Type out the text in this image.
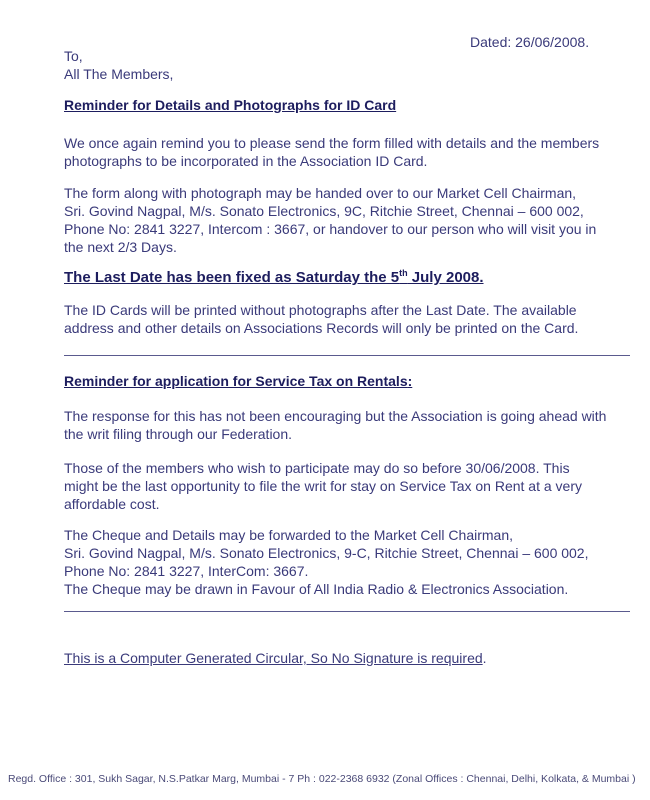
Dated: 26/06/2008.
To,
All The Members,
Reminder for Details and Photographs for ID Card
We once again remind you to please send the form filled with details and the members
photographs to be incorporated in the Association ID Card.
The form along with photograph may be handed over to our Market Cell Chairman,
Sri. Govind Nagpal, M/s. Sonato Electronics, 9C, Ritchie Street, Chennai – 600 002,
Phone No: 2841 3227, Intercom : 3667, or handover to our person who will visit you in
the next 2/3 Days.
The Last Date has been fixed as Saturday the 5th July 2008.
The ID Cards will be printed without photographs after the Last Date. The available
address and other details on Associations Records will only be printed on the Card.
Reminder for application for Service Tax on Rentals:
The response for this has not been encouraging but the Association is going ahead with
the writ filing through our Federation.
Those of the members who wish to participate may do so before 30/06/2008. This
might be the last opportunity to file the writ for stay on Service Tax on Rent at a very
affordable cost.
The Cheque and Details may be forwarded to the Market Cell Chairman,
Sri. Govind Nagpal, M/s. Sonato Electronics, 9-C, Ritchie Street, Chennai – 600 002,
Phone No: 2841 3227, InterCom: 3667.
The Cheque may be drawn in Favour of All India Radio & Electronics Association.
This is a Computer Generated Circular, So No Signature is required.
Regd. Office : 301, Sukh Sagar, N.S.Patkar Marg, Mumbai - 7 Ph : 022-2368 6932 (Zonal Offices : Chennai, Delhi, Kolkata, & Mumbai )
